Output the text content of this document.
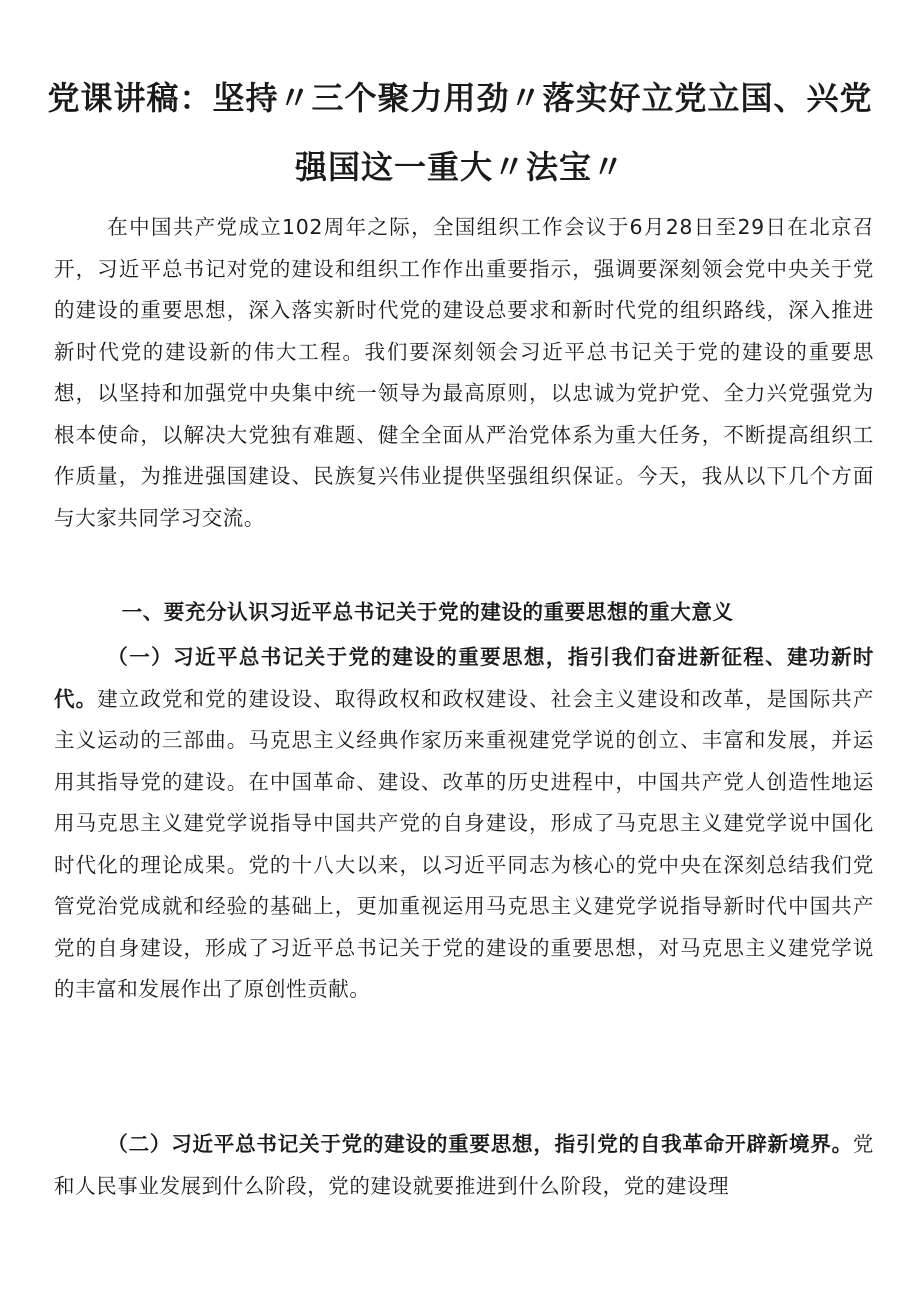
党课讲稿：坚持〃三个聚力用劲〃落实好立党立国、兴党
强国这一重大〃法宝〃

在中国共产党成立102周年之际，全国组织工作会议于6月28日至29日在北京召开，习近平总书记对党的建设和组织工作作出重要指示，强调要深刻领会党中央关于党的建设的重要思想，深入落实新时代党的建设总要求和新时代党的组织路线，深入推进新时代党的建设新的伟大工程。我们要深刻领会习近平总书记关于党的建设的重要思想，以坚持和加强党中央集中统一领导为最高原则，以忠诚为党护党、全力兴党强党为根本使命，以解决大党独有难题、健全全面从严治党体系为重大任务，不断提高组织工作质量，为推进强国建设、民族复兴伟业提供坚强组织保证。今天，我从以下几个方面与大家共同学习交流。

一、要充分认识习近平总书记关于党的建设的重要思想的重大意义

（一）习近平总书记关于党的建设的重要思想，指引我们奋进新征程、建功新时代。建立政党和党的建设设、取得政权和政权建设、社会主义建设和改革，是国际共产主义运动的三部曲。马克思主义经典作家历来重视建党学说的创立、丰富和发展，并运用其指导党的建设。在中国革命、建设、改革的历史进程中，中国共产党人创造性地运用马克思主义建党学说指导中国共产党的自身建设，形成了马克思主义建党学说中国化时代化的理论成果。党的十八大以来，以习近平同志为核心的党中央在深刻总结我们党管党治党成就和经验的基础上，更加重视运用马克思主义建党学说指导新时代中国共产党的自身建设，形成了习近平总书记关于党的建设的重要思想，对马克思主义建党学说的丰富和发展作出了原创性贡献。

（二）习近平总书记关于党的建设的重要思想，指引党的自我革命开辟新境界。党和人民事业发展到什么阶段，党的建设就要推进到什么阶段，党的建设理
